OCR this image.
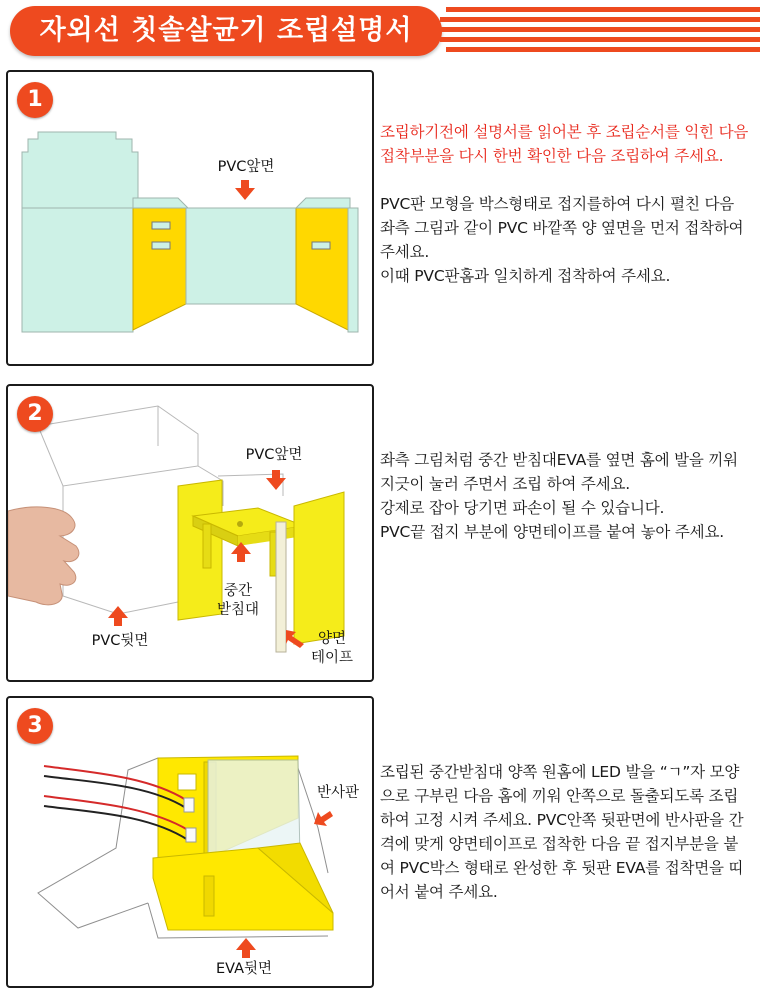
자외선 칫솔살균기 조립설명서
1
PVC앞면
조립하기전에 설명서를 읽어본 후 조립순서를 익힌 다음 접착부분을 다시 한번 확인한 다음 조립하여 주세요.
PVC판 모형을 박스형태로 접지를하여 다시 펼친 다음 좌측 그림과 같이 PVC 바깥쪽 양 옆면을 먼저 접착하여 주세요.
이때 PVC판홈과 일치하게 접착하여 주세요.
2
PVC앞면
중간
받침대
PVC뒷면	양면
테이프
좌측 그림처럼 중간 받침대EVA를 옆면 홈에 발을 끼워 지긋이 눌러 주면서 조립 하여 주세요.
강제로 잡아 당기면 파손이 될 수 있습니다.
PVC끝 접지 부분에 양면테이프를 붙여 놓아 주세요.
3
반사판
EVA뒷면
조립된 중간받침대 양쪽 원홈에 LED 발을 “ㄱ”자 모양으로 구부린 다음 홈에 끼워 안쪽으로 돌출되도록 조립하여 고정 시켜 주세요. PVC안쪽 뒷판면에 반사판을 간격에 맞게 양면테이프로 접착한 다음 끝 접지부분을 붙여 PVC박스 형태로 완성한 후 뒷판 EVA를 접착면을 띠어서 붙여 주세요.
